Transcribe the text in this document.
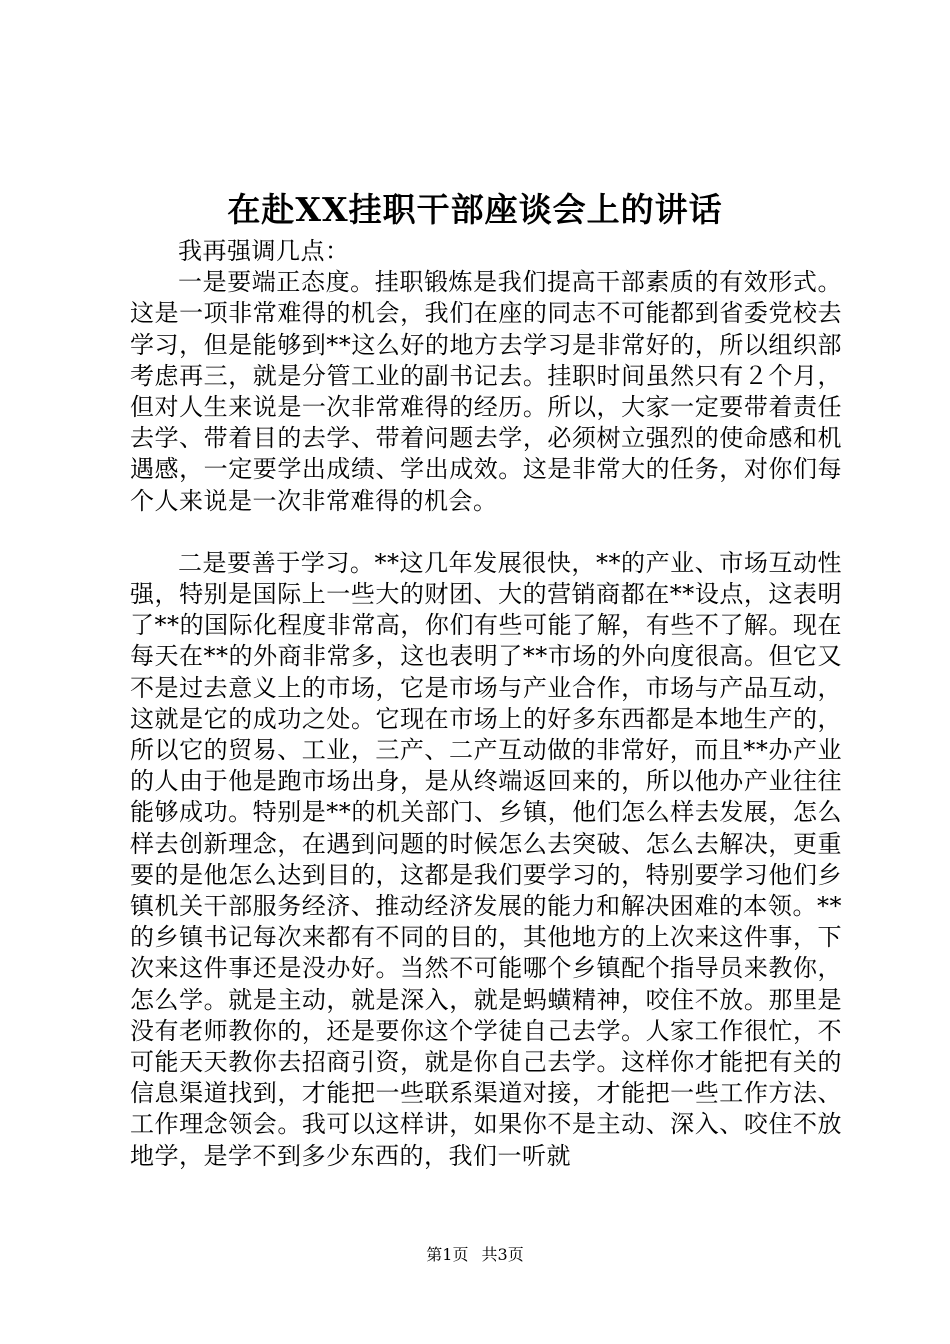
在赴XX挂职干部座谈会上的讲话

我再强调几点：

一是要端正态度。挂职锻炼是我们提高干部素质的有效形式。这是一项非常难得的机会，我们在座的同志不可能都到省委党校去学习，但是能够到**这么好的地方去学习是非常好的，所以组织部考虑再三，就是分管工业的副书记去。挂职时间虽然只有２个月，但对人生来说是一次非常难得的经历。所以，大家一定要带着责任去学、带着目的去学、带着问题去学，必须树立强烈的使命感和机遇感，一定要学出成绩、学出成效。这是非常大的任务，对你们每个人来说是一次非常难得的机会。

二是要善于学习。**这几年发展很快，**的产业、市场互动性强，特别是国际上一些大的财团、大的营销商都在**设点，这表明了**的国际化程度非常高，你们有些可能了解，有些不了解。现在每天在**的外商非常多，这也表明了**市场的外向度很高。但它又不是过去意义上的市场，它是市场与产业合作，市场与产品互动，这就是它的成功之处。它现在市场上的好多东西都是本地生产的，所以它的贸易、工业，三产、二产互动做的非常好，而且**办产业的人由于他是跑市场出身，是从终端返回来的，所以他办产业往往能够成功。特别是**的机关部门、乡镇，他们怎么样去发展，怎么样去创新理念，在遇到问题的时候怎么去突破、怎么去解决，更重要的是他怎么达到目的，这都是我们要学习的，特别要学习他们乡镇机关干部服务经济、推动经济发展的能力和解决困难的本领。**的乡镇书记每次来都有不同的目的，其他地方的上次来这件事，下次来这件事还是没办好。当然不可能哪个乡镇配个指导员来教你，怎么学。就是主动，就是深入，就是蚂蟥精神，咬住不放。那里是没有老师教你的，还是要你这个学徒自己去学。人家工作很忙，不可能天天教你去招商引资，就是你自己去学。这样你才能把有关的信息渠道找到，才能把一些联系渠道对接，才能把一些工作方法、工作理念领会。我可以这样讲，如果你不是主动、深入、咬住不放地学，是学不到多少东西的，我们一听就

第1页 共3页
